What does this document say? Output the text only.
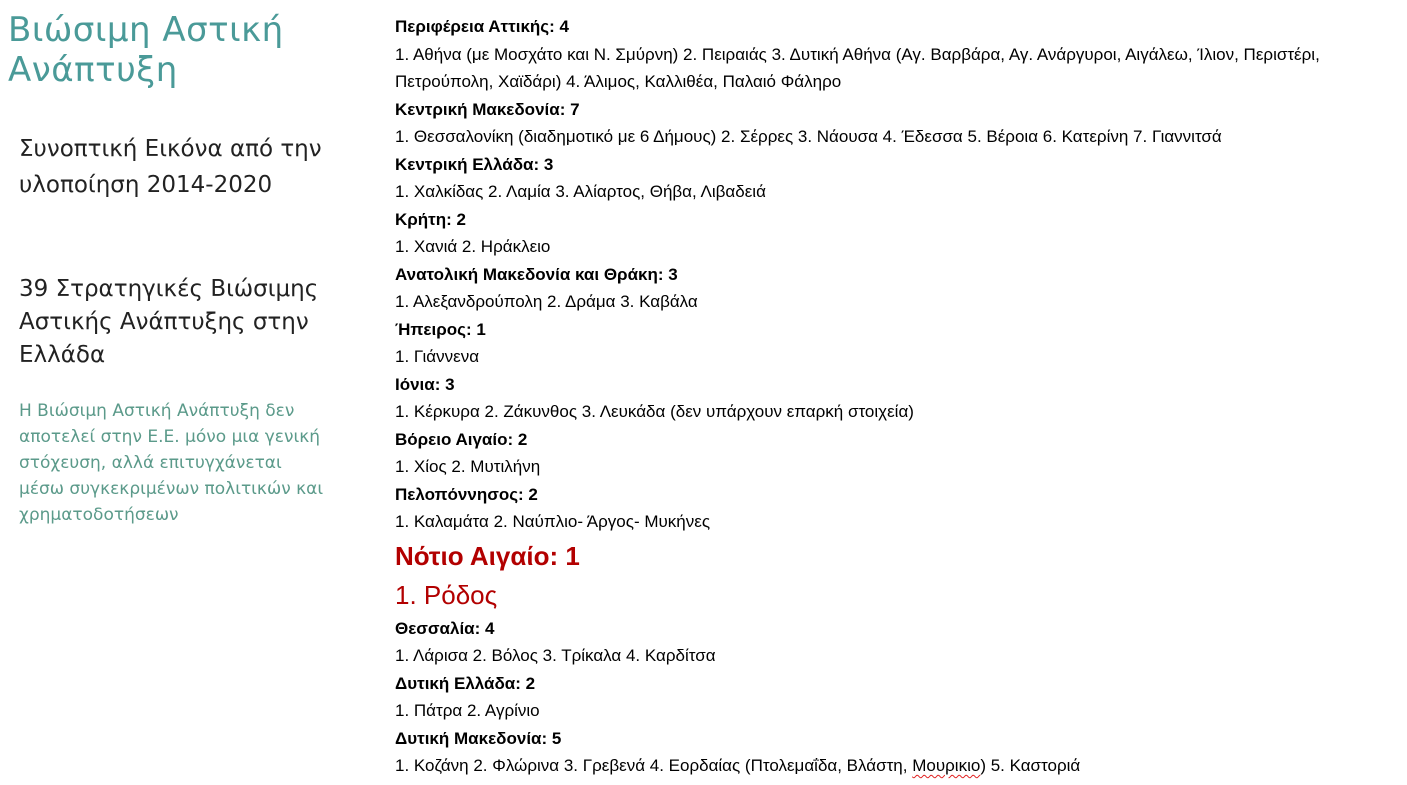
Βιώσιμη Αστική Ανάπτυξη

Συνοπτική Εικόνα από την υλοποίηση 2014-2020

39 Στρατηγικές Βιώσιμης Αστικής Ανάπτυξης στην Ελλάδα

Η Βιώσιμη Αστική Ανάπτυξη δεν αποτελεί στην Ε.Ε. μόνο μια γενική στόχευση, αλλά επιτυγχάνεται μέσω συγκεκριμένων πολιτικών και χρηματοδοτήσεων

Περιφέρεια Αττικής: 4

1. Αθήνα (με Μοσχάτο και Ν. Σμύρνη) 2. Πειραιάς 3. Δυτική Αθήνα (Αγ. Βαρβάρα, Αγ. Ανάργυροι, Αιγάλεω, Ίλιον, Περιστέρι, Πετρούπολη, Χαϊδάρι) 4. Άλιμος, Καλλιθέα, Παλαιό Φάληρο

Κεντρική Μακεδονία: 7

1. Θεσσαλονίκη (διαδημοτικό με 6 Δήμους) 2. Σέρρες 3. Νάουσα 4. Έδεσσα 5. Βέροια 6. Κατερίνη 7. Γιαννιτσά

Κεντρική Ελλάδα: 3

1. Χαλκίδας 2. Λαμία 3. Αλίαρτος, Θήβα, Λιβαδειά

Κρήτη: 2

1. Χανιά 2. Ηράκλειο

Ανατολική Μακεδονία και Θράκη: 3

1. Αλεξανδρούπολη 2. Δράμα 3. Καβάλα

Ήπειρος: 1

1. Γιάννενα

Ιόνια: 3

1. Κέρκυρα 2. Ζάκυνθος 3. Λευκάδα (δεν υπάρχουν επαρκή στοιχεία)

Βόρειο Αιγαίο: 2

1. Χίος 2. Μυτιλήνη

Πελοπόννησος: 2

1. Καλαμάτα 2. Ναύπλιο- Άργος- Μυκήνες

Νότιο Αιγαίο: 1

1. Ρόδος

Θεσσαλία: 4

1. Λάρισα 2. Βόλος 3. Τρίκαλα 4. Καρδίτσα

Δυτική Ελλάδα: 2

1. Πάτρα 2. Αγρίνιο

Δυτική Μακεδονία: 5

1. Κοζάνη 2. Φλώρινα 3. Γρεβενά 4. Εορδαίας (Πτολεμαΐδα, Βλάστη, Μουρικιο) 5. Καστοριά
